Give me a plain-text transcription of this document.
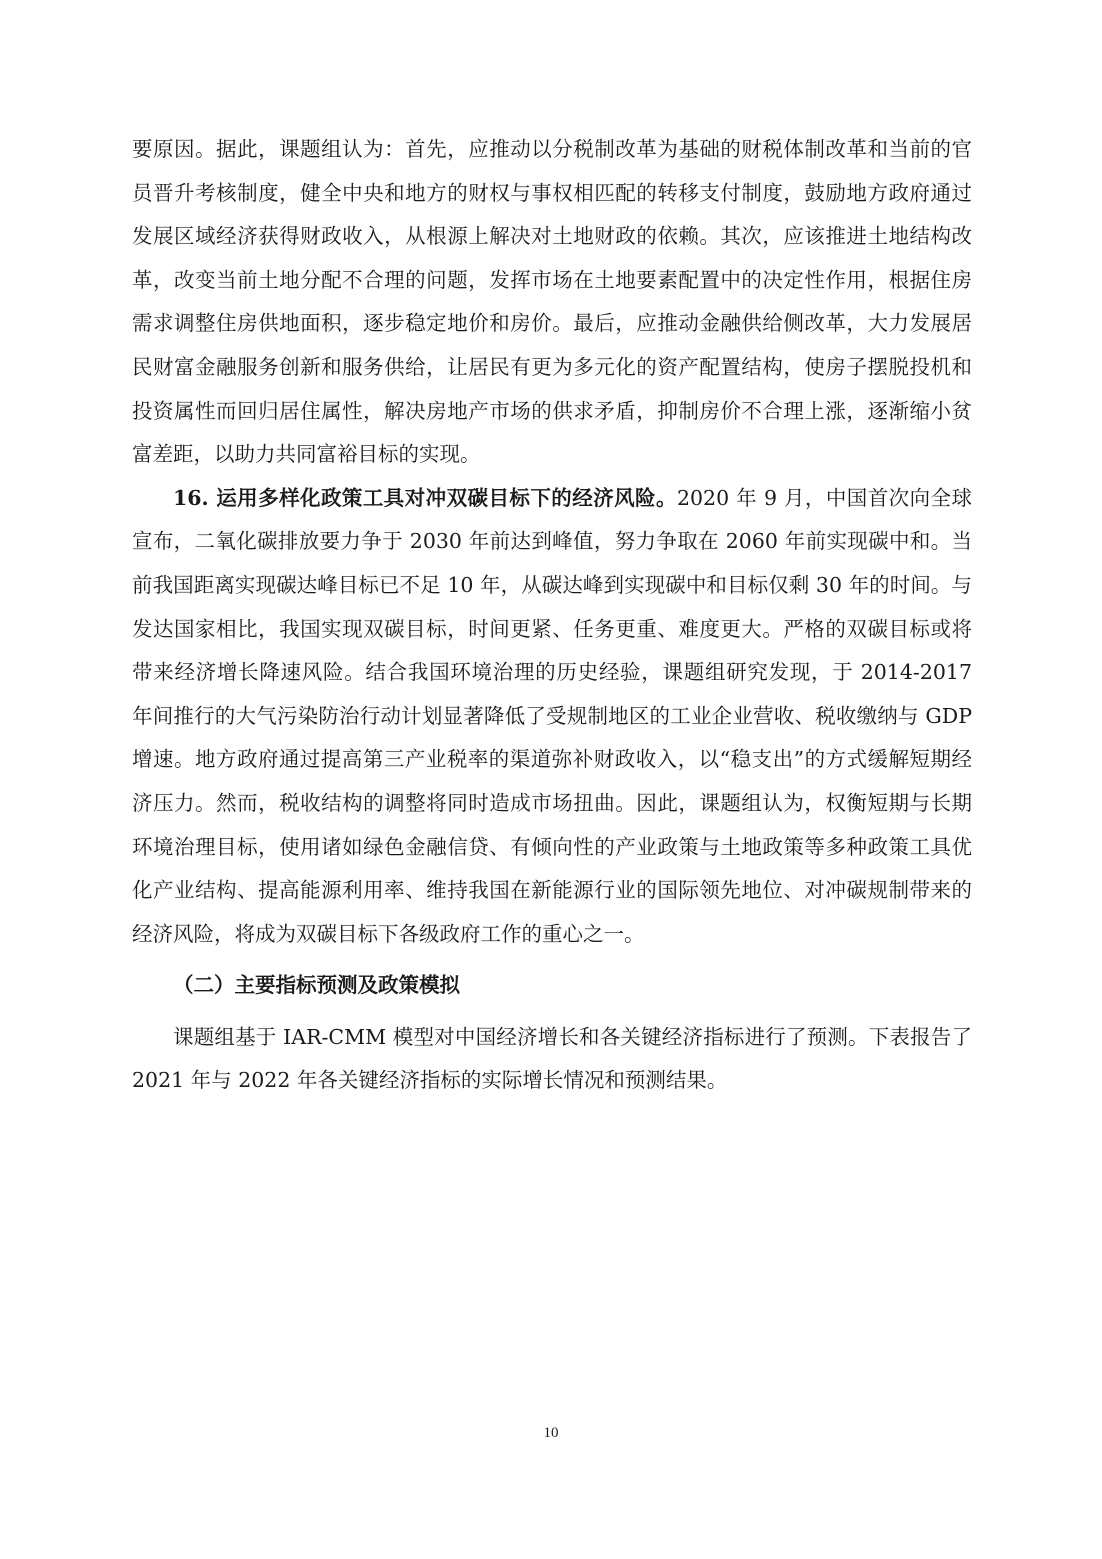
要原因。据此，课题组认为：首先，应推动以分税制改革为基础的财税体制改革和当前的官员晋升考核制度，健全中央和地方的财权与事权相匹配的转移支付制度，鼓励地方政府通过发展区域经济获得财政收入，从根源上解决对土地财政的依赖。其次，应该推进土地结构改革，改变当前土地分配不合理的问题，发挥市场在土地要素配置中的决定性作用，根据住房需求调整住房供地面积，逐步稳定地价和房价。最后，应推动金融供给侧改革，大力发展居民财富金融服务创新和服务供给，让居民有更为多元化的资产配置结构，使房子摆脱投机和投资属性而回归居住属性，解决房地产市场的供求矛盾，抑制房价不合理上涨，逐渐缩小贫富差距，以助力共同富裕目标的实现。

16. 运用多样化政策工具对冲双碳目标下的经济风险。2020 年 9 月，中国首次向全球宣布，二氧化碳排放要力争于 2030 年前达到峰值，努力争取在 2060 年前实现碳中和。当前我国距离实现碳达峰目标已不足 10 年，从碳达峰到实现碳中和目标仅剩 30 年的时间。与发达国家相比，我国实现双碳目标，时间更紧、任务更重、难度更大。严格的双碳目标或将带来经济增长降速风险。结合我国环境治理的历史经验，课题组研究发现，于 2014-2017 年间推行的大气污染防治行动计划显著降低了受规制地区的工业企业营收、税收缴纳与 GDP 增速。地方政府通过提高第三产业税率的渠道弥补财政收入，以“稳支出”的方式缓解短期经济压力。然而，税收结构的调整将同时造成市场扭曲。因此，课题组认为，权衡短期与长期环境治理目标，使用诸如绿色金融信贷、有倾向性的产业政策与土地政策等多种政策工具优化产业结构、提高能源利用率、维持我国在新能源行业的国际领先地位、对冲碳规制带来的经济风险，将成为双碳目标下各级政府工作的重心之一。

（二）主要指标预测及政策模拟

课题组基于 IAR-CMM 模型对中国经济增长和各关键经济指标进行了预测。下表报告了 2021 年与 2022 年各关键经济指标的实际增长情况和预测结果。

10
